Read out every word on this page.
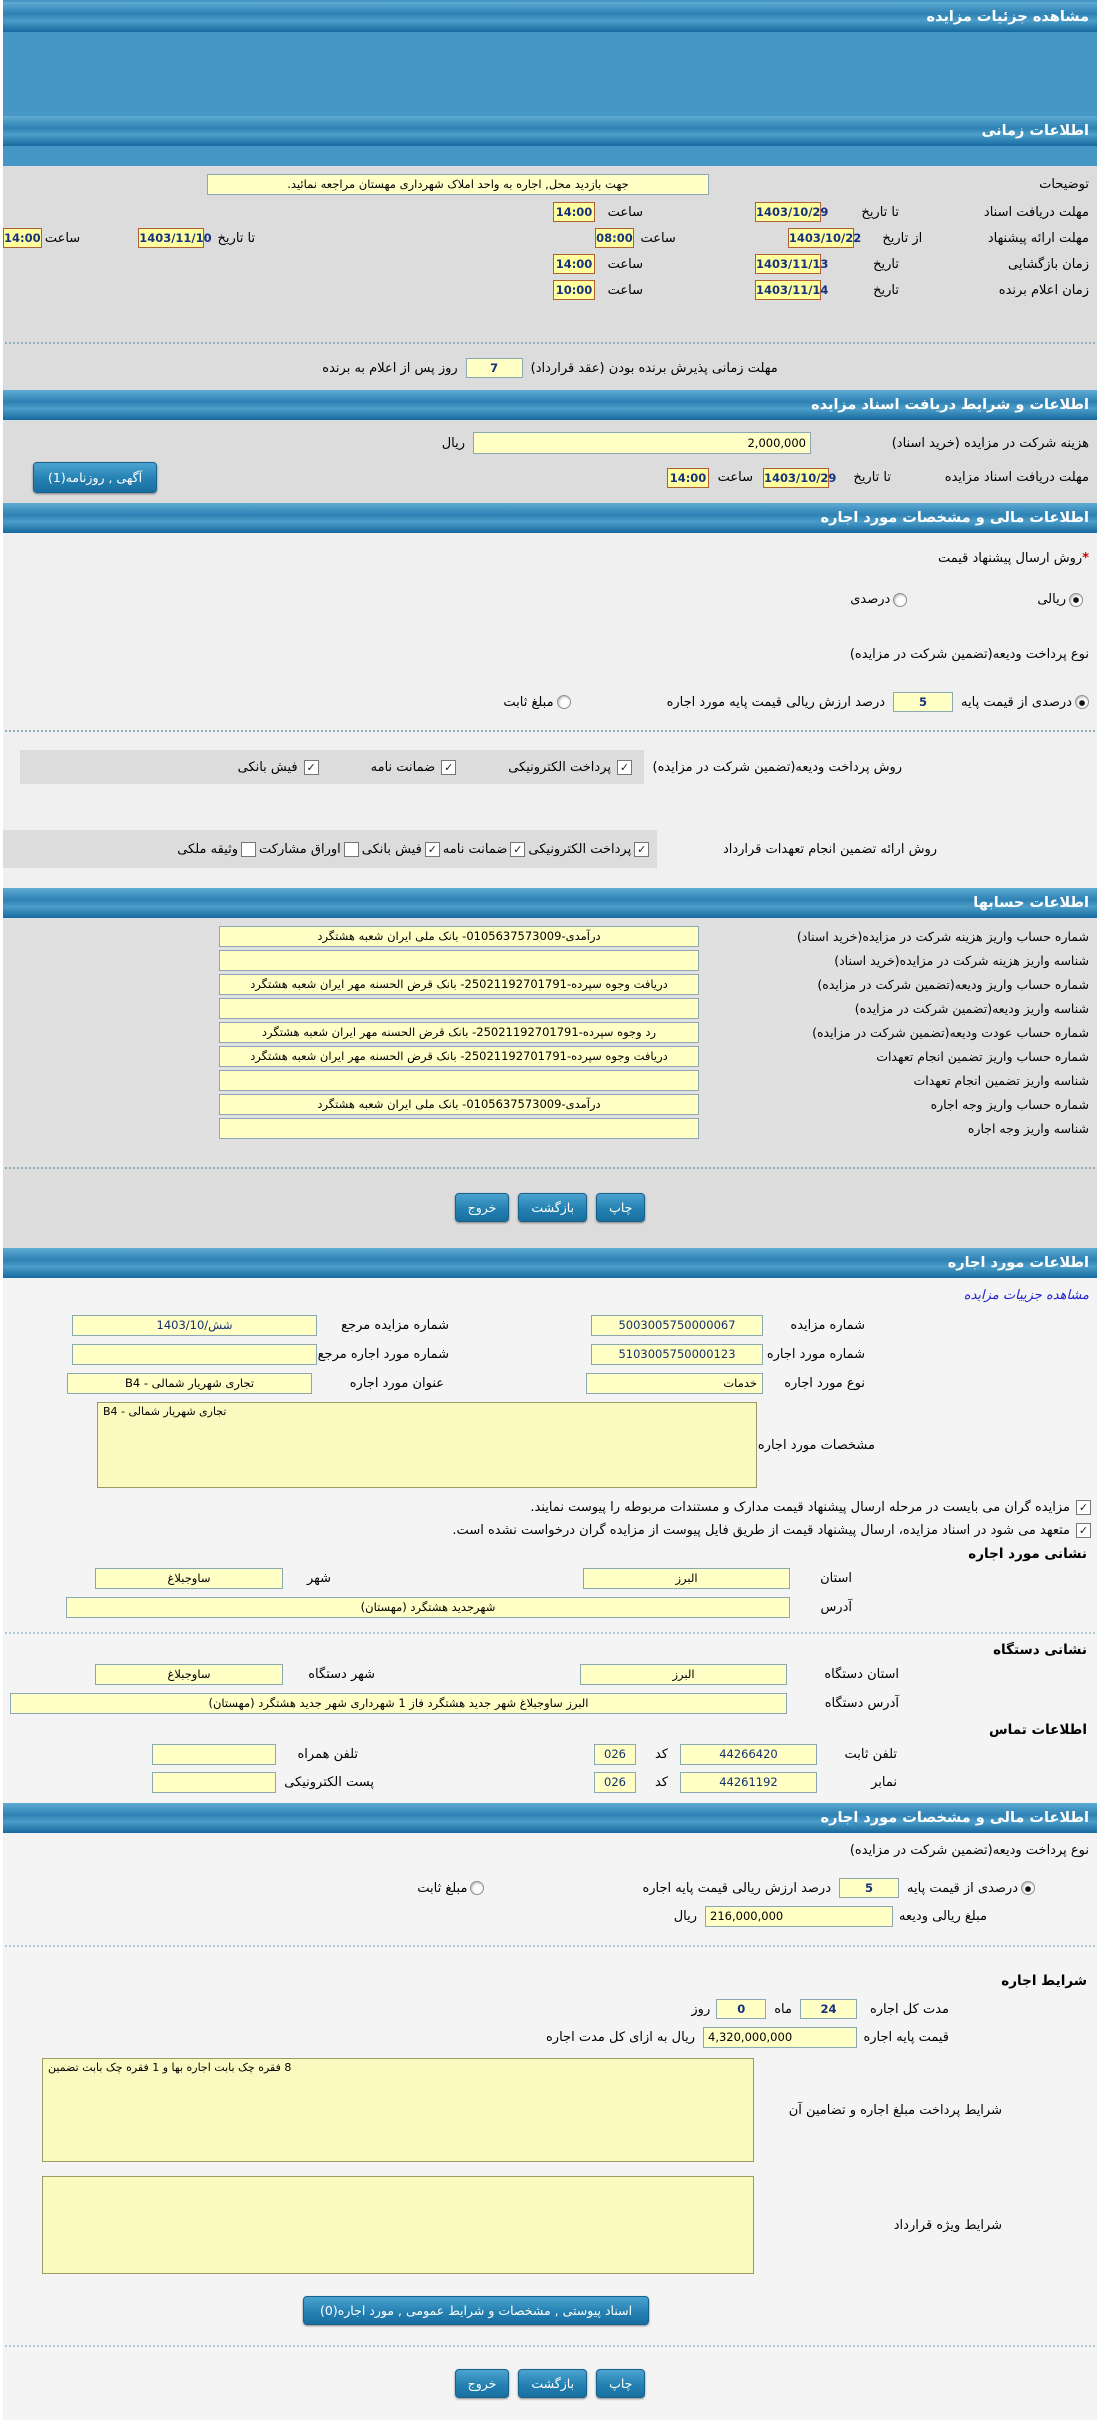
مشاهده جزئیات مزایده
اطلاعات زمانی
توضیحات
جهت بازدید محل, اجاره به واحد املاک شهرداری مهستان مراجعه نمائید.
مهلت دریافت اسناد
تا تاریخ
1403/10/29
ساعت
14:00
مهلت ارائه پیشنهاد
از تاریخ
1403/10/22
ساعت
08:00
تا تاریخ
1403/11/10
ساعت
14:00
زمان بازگشایی
تاریخ
1403/11/13
ساعت
14:00
زمان اعلام برنده
تاریخ
1403/11/14
ساعت
10:00
مهلت زمانی پذیرش برنده بودن (عقد قرارداد)
7
روز پس از اعلام به برنده
اطلاعات و شرایط دریافت اسناد مزایده
هزینه شرکت در مزایده (خرید اسناد)
2,000,000
ریال
مهلت دریافت اسناد مزایده
تا تاریخ
1403/10/29
ساعت
14:00
آگهی , روزنامه(1)
اطلاعات مالی و مشخصات مورد اجاره
*
روش ارسال پیشنهاد قیمت
●
ریالی
درصدی
نوع پرداخت ودیعه(تضمین شرکت در مزایده)
●
درصدی از قیمت پایه
5
درصد ارزش ریالی قیمت پایه مورد اجاره
مبلغ ثابت
روش پرداخت ودیعه(تضمین شرکت در مزایده)
✓
پرداخت الکترونیکی
✓
ضمانت نامه
✓
فیش بانکی
روش ارائه تضمین انجام تعهدات قرارداد
✓
پرداخت الکترونیکی
✓
ضمانت نامه
✓
فیش بانکی
اوراق مشارکت
وثیقه ملکی
اطلاعات حسابها
شماره حساب واریز هزینه شرکت در مزایده(خرید اسناد)
درآمدی-0105637573009- بانک ملی ایران شعبه هشتگرد
شناسه واریز هزینه شرکت در مزایده(خرید اسناد)
شماره حساب واریز ودیعه(تضمین شرکت در مزایده)
دریافت وجوه سپرده-25021192701791- بانک قرض الحسنه مهر ایران شعبه هشتگرد
شناسه واریز ودیعه(تضمین شرکت در مزایده)
شماره حساب عودت ودیعه(تضمین شرکت در مزایده)
رد وجوه سپرده-25021192701791- بانک قرض الحسنه مهر ایران شعبه هشتگرد
شماره حساب واریز تضمین انجام تعهدات
دریافت وجوه سپرده-25021192701791- بانک قرض الحسنه مهر ایران شعبه هشتگرد
شناسه واریز تضمین انجام تعهدات
شماره حساب واریز وجه اجاره
درآمدی-0105637573009- بانک ملی ایران شعبه هشتگرد
شناسه واریز وجه اجاره
چاپ
بازگشت
خروج
اطلاعات مورد اجاره
مشاهده جزییات مزایده
شماره مزایده
5003005750000067
شماره مزایده مرجع
شش/1403/10
شماره مورد اجاره
5103005750000123
شماره مورد اجاره مرجع
نوع مورد اجاره
خدمات
عنوان مورد اجاره
تجاری شهریار شمالی - B4
مشخصات مورد اجاره
تجاری شهریار شمالی - B4
✓
مزایده گران می بایست در مرحله ارسال پیشنهاد قیمت مدارک و مستندات مربوطه را پیوست نمایند.
✓
متعهد می شود در اسناد مزایده، ارسال پیشنهاد قیمت از طریق فایل پیوست از مزایده گران درخواست نشده است.
نشانی مورد اجاره
استان
البرز
شهر
ساوجبلاغ
آدرس
شهرجدید هشتگرد (مهستان)
نشانی دستگاه
استان دستگاه
البرز
شهر دستگاه
ساوجبلاغ
آدرس دستگاه
البرز ساوجبلاغ شهر جدید هشتگرد فاز 1 شهرداری شهر جدید هشتگرد (مهستان)
اطلاعات تماس
تلفن ثابت
44266420
کد
026
تلفن همراه
نمابر
44261192
کد
026
پست الکترونیکی
اطلاعات مالی و مشخصات مورد اجاره
نوع پرداخت ودیعه(تضمین شرکت در مزایده)
●
درصدی از قیمت پایه
5
درصد ارزش ریالی قیمت پایه اجاره
مبلغ ثابت
مبلغ ریالی ودیعه
216,000,000
ریال
شرایط اجاره
مدت کل اجاره
24
ماه
0
روز
قیمت پایه اجاره
4,320,000,000
ریال به ازای کل مدت اجاره
شرایط پرداخت مبلغ اجاره و تضامین آن
8 فقره چک بابت اجاره بها و 1 فقره چک بابت تضمین
شرایط ویژه قرارداد
اسناد پیوستی , مشخصات و شرایط عمومی , مورد اجاره(0)
چاپ
بازگشت
خروج
